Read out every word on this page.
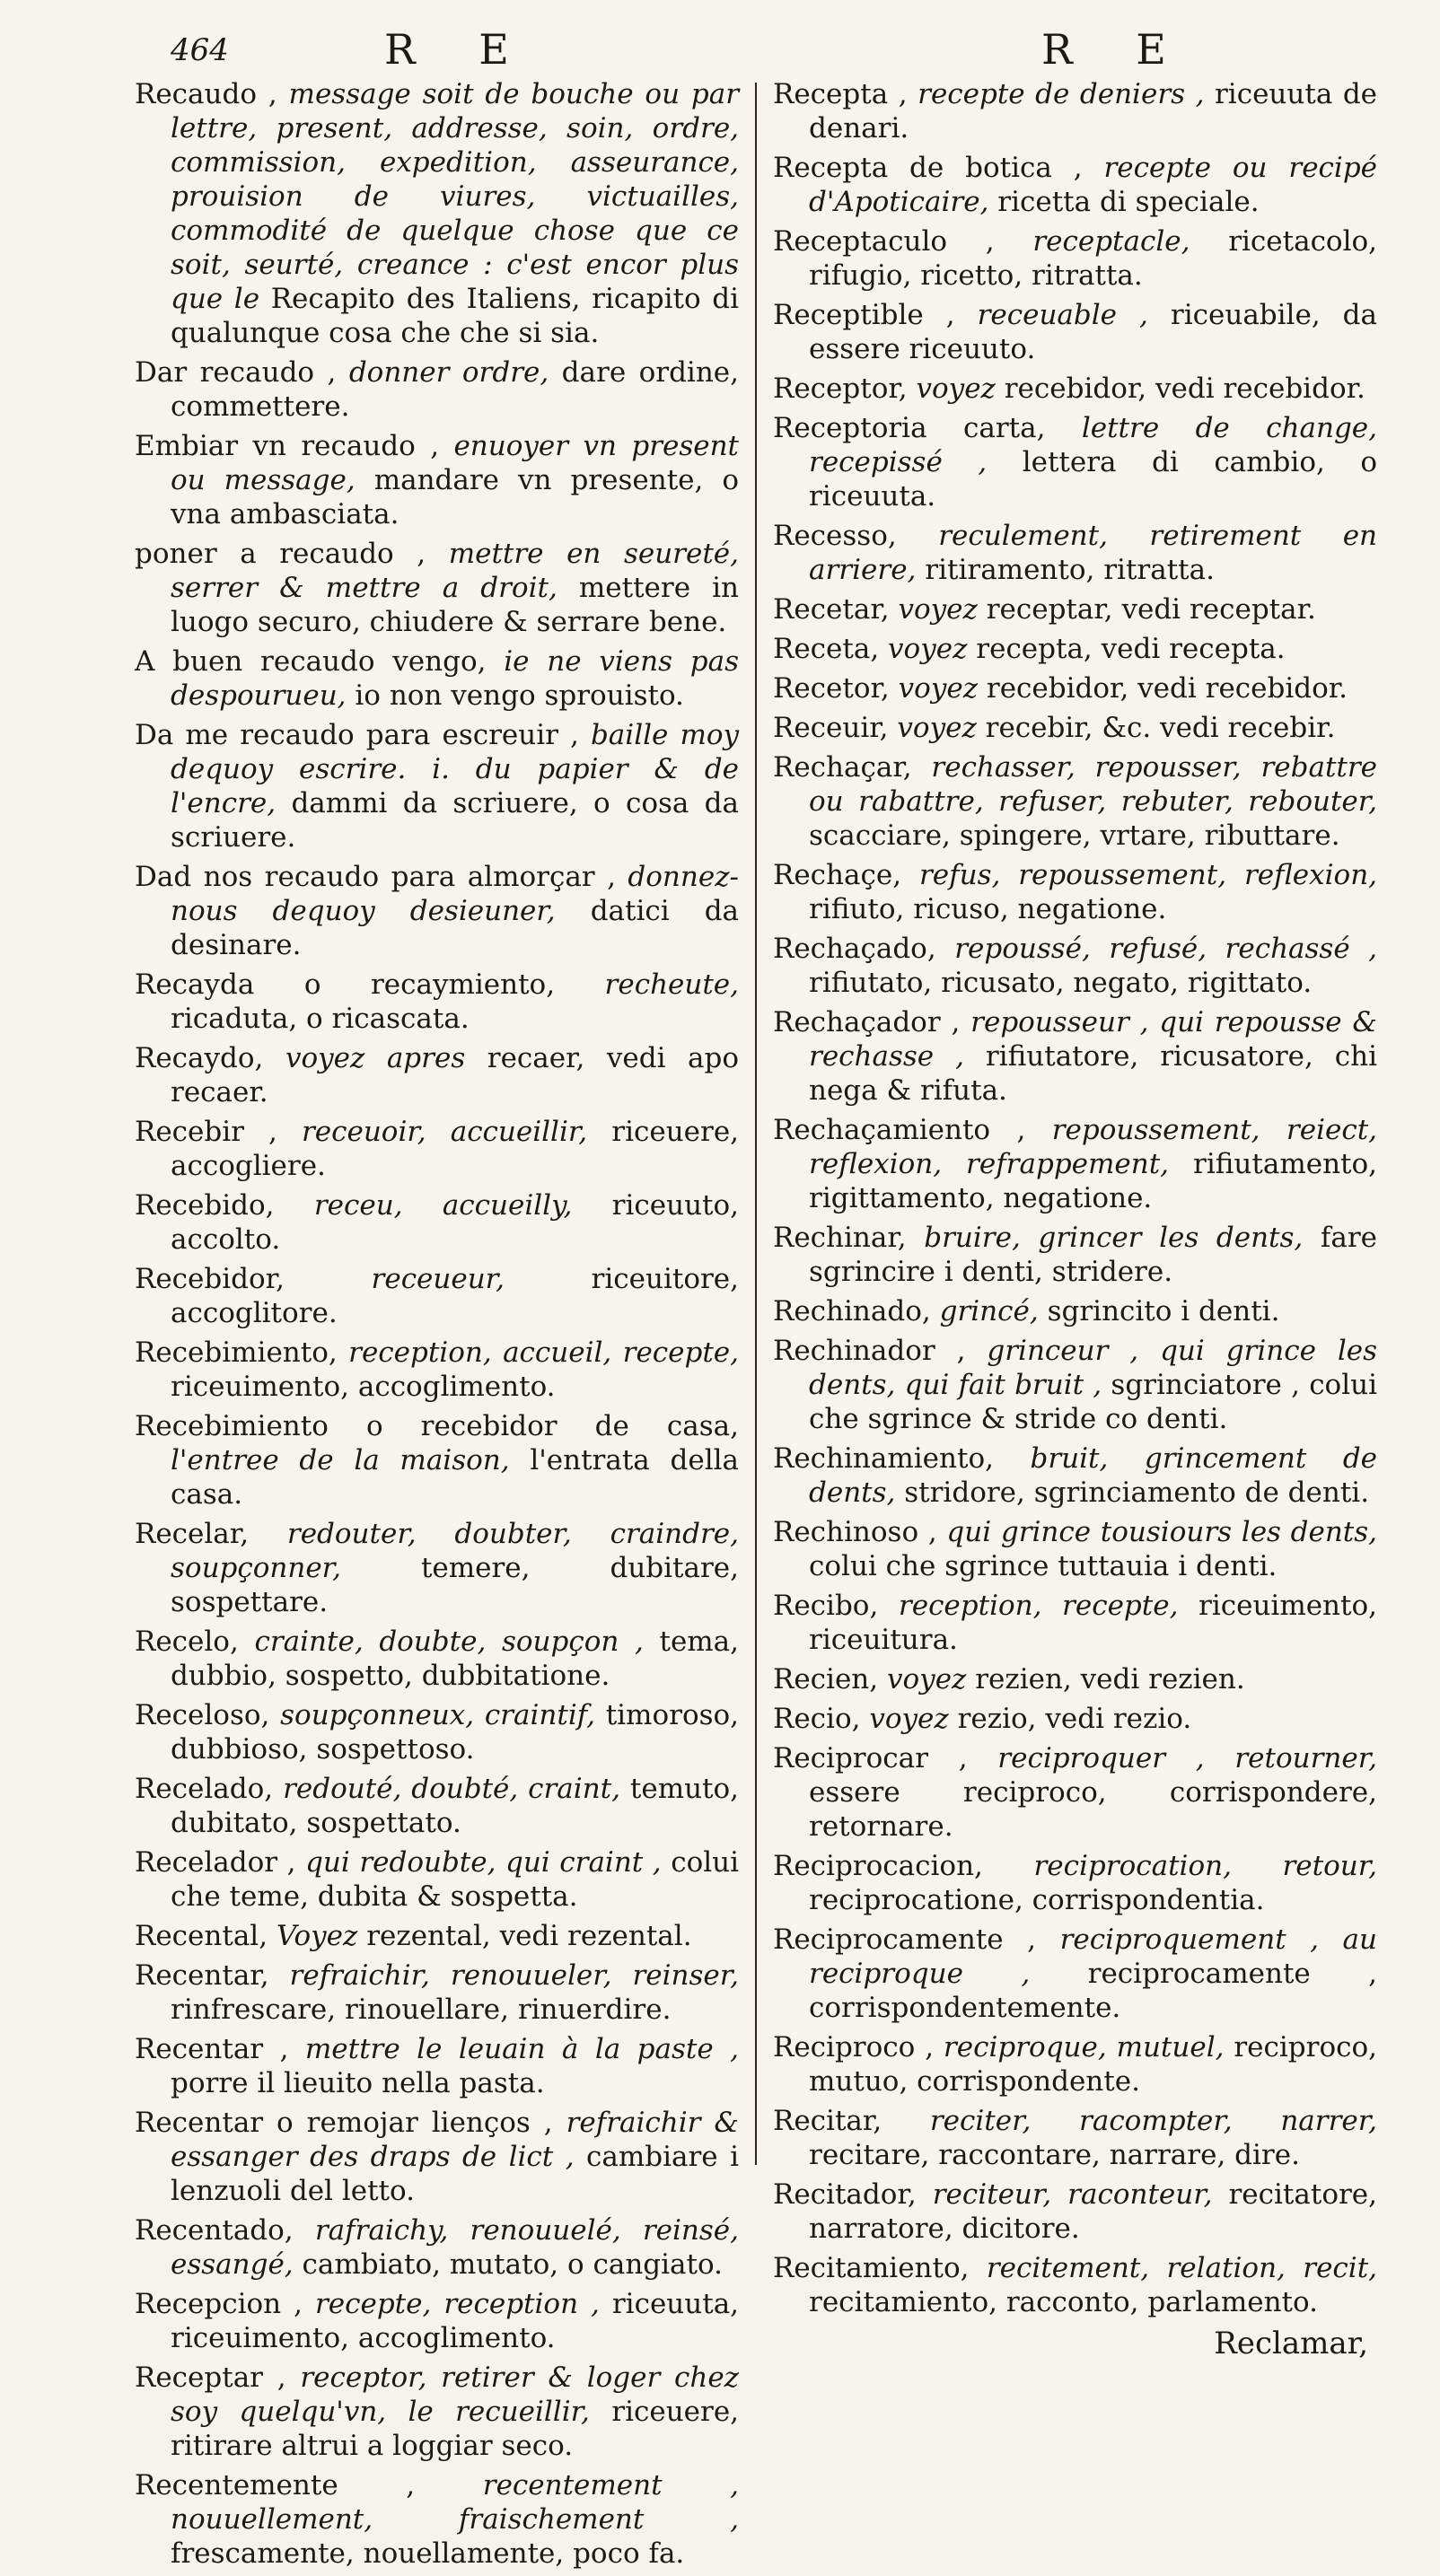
464	R E	R E

Recaudo , message soit de bouche ou par lettre, present, addresse, soin, ordre, commission, expedition, asseurance, prouision de viures, victuailles, commodité de quelque chose que ce soit, seurté, creance : c'est encor plus que le Recapito des Italiens, ricapito di qualunque cosa che che si sia.

Dar recaudo , donner ordre, dare ordine, commettere.

Embiar vn recaudo , enuoyer vn present ou message, mandare vn presente, o vna ambasciata.

poner a recaudo , mettre en seureté, serrer & mettre a droit, mettere in luogo securo, chiudere & serrare bene.

A buen recaudo vengo, ie ne viens pas despourueu, io non vengo sprouisto.

Da me recaudo para escreuir , baille moy dequoy escrire. i. du papier & de l'encre, dammi da scriuere, o cosa da scriuere.

Dad nos recaudo para almorçar , donnez-nous dequoy desieuner, datici da desinare.

Recayda o recaymiento, recheute, ricaduta, o ricascata.

Recaydo, voyez apres recaer, vedi apo recaer.

Recebir , receuoir, accueillir, riceuere, accogliere.

Recebido, receu, accueilly, riceuuto, accolto.

Recebidor,	receueur,	riceuitore, accoglitore.

Recebimiento, reception, accueil, recepte, riceuimento, accoglimento.

Recebimiento o recebidor de casa, l'entree de la maison, l'entrata della casa.

Recelar, redouter, doubter, craindre, soupçonner,	temere, dubitare, sospettare.

Recelo, crainte, doubte, soupçon , tema, dubbio, sospetto, dubbitatione.

Receloso, soupçonneux, craintif, timoroso, dubbioso, sospettoso.

Recelado, redouté, doubté, craint, temuto, dubitato, sospettato.

Recelador , qui redoubte, qui craint , colui che teme, dubita & sospetta.

Recental, Voyez rezental, vedi rezental.

Recentar, refraichir, renouueler, reinser, rinfrescare, rinouellare, rinuerdire.

Recentar , mettre le leuain à la paste , porre il lieuito nella pasta.

Recentar o remojar lienços , refraichir & essanger des draps de lict , cambiare i lenzuoli del letto.

Recentado, rafraichy, renouuelé, reinsé, essangé, cambiato, mutato, o cangiato.

Recepcion , recepte, reception , riceuuta, riceuimento, accoglimento.

Receptar , receptor, retirer & loger chez soy quelqu'vn, le recueillir, riceuere, ritirare altrui a loggiar seco.

Recentemente , recentement , nouuellement, fraischement , frescamente, nouellamente, poco fa.

Recepta , recepte de deniers , riceuuta de denari.

Recepta de botica , recepte ou recipé d'Apoticaire, ricetta di speciale.

Receptaculo , receptacle, ricetacolo, rifugio, ricetto, ritratta.

Receptible , receuable , riceuabile, da essere riceuuto.

Receptor, voyez recebidor, vedi recebidor.

Receptoria carta, lettre de change, recepissé , lettera di cambio, o riceuuta.

Recesso, reculement, retirement en arriere, ritiramento, ritratta.

Recetar, voyez receptar, vedi receptar.

Receta, voyez recepta, vedi recepta.

Recetor, voyez recebidor, vedi recebidor.

Receuir, voyez recebir, &c. vedi recebir.

Rechaçar, rechasser, repousser, rebattre ou rabattre, refuser, rebuter, rebouter, scacciare, spingere, vrtare, ributtare.

Rechaçe, refus, repoussement, reflexion, rifiuto, ricuso, negatione.

Rechaçado, repoussé, refusé, rechassé , rifiutato, ricusato, negato, rigittato.

Rechaçador , repousseur , qui repousse & rechasse , rifiutatore, ricusatore, chi nega & rifuta.

Rechaçamiento , repoussement, reiect, reflexion, refrappement, rifiutamento, rigittamento, negatione.

Rechinar, bruire, grincer les dents, fare sgrincire i denti, stridere.

Rechinado, grincé, sgrincito i denti.

Rechinador , grinceur , qui grince les dents, qui fait bruit , sgrinciatore , colui che sgrince & stride co denti.

Rechinamiento, bruit, grincement de dents, stridore, sgrinciamento de denti.

Rechinoso , qui grince tousiours les dents, colui che sgrince tuttauia i denti.

Recibo, reception, recepte, riceuimento, riceuitura.

Recien, voyez rezien, vedi rezien.

Recio, voyez rezio, vedi rezio.

Reciprocar , reciproquer , retourner, essere reciproco, corrispondere, retornare.

Reciprocacion, reciprocation, retour, reciprocatione, corrispondentia.

Reciprocamente , reciproquement , au reciproque , reciprocamente , corrispondentemente.

Reciproco , reciproque, mutuel, reciproco, mutuo, corrispondente.

Recitar, reciter, racompter, narrer, recitare, raccontare, narrare, dire.

Recitador, reciteur, raconteur, recitatore, narratore, dicitore.

Recitamiento, recitement, relation, recit, recitamiento, racconto, parlamento.

Reclamar,
